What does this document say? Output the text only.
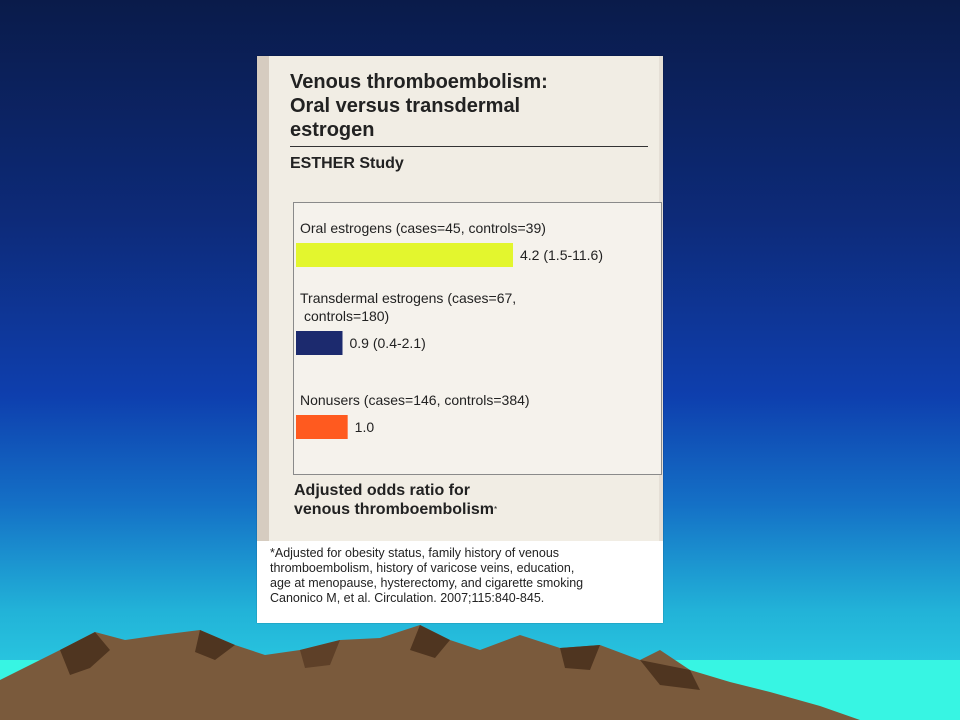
Venous thromboembolism:
Oral versus transdermal
estrogen
ESTHER Study
Oral estrogens (cases=45, controls=39)
4.2 (1.5-11.6)
Transdermal estrogens (cases=67,
controls=180)
0.9 (0.4-2.1)
Nonusers (cases=146, controls=384)
1.0
Adjusted odds ratio for
venous thromboembolism*

*Adjusted for obesity status, family history of venous
thromboembolism, history of varicose veins, education,
age at menopause, hysterectomy, and cigarette smoking
Canonico M, et al. Circulation. 2007;115:840-845.
